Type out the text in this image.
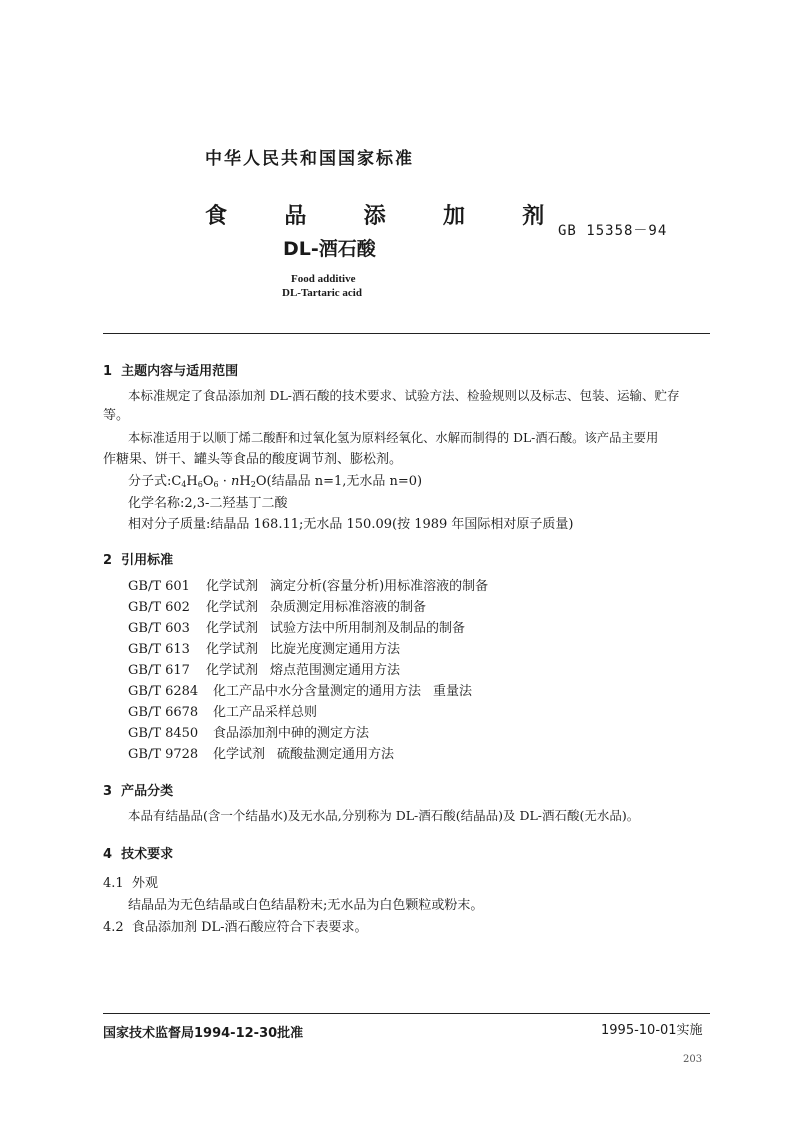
中华人民共和国国家标准
食  品  添  加  剂
GB 15358－94
DL-酒石酸
Food additive
DL-Tartaric acid
1  主题内容与适用范围
本标准规定了食品添加剂 DL-酒石酸的技术要求、试验方法、检验规则以及标志、包装、运输、贮存
等。
本标准适用于以顺丁烯二酸酐和过氧化氢为原料经氧化、水解而制得的 DL-酒石酸。该产品主要用
作糖果、饼干、罐头等食品的酸度调节剂、膨松剂。
分子式$:C_4H_6O_6 \cdot nH_2O$(结晶品 n=1,无水品 n=0)
化学名称:2,3-二羟基丁二酸
相对分子质量:结晶品 168.11;无水品 150.09(按 1989 年国际相对原子质量)
2  引用标准
GB/T 601 化学试剂 滴定分析(容量分析)用标准溶液的制备
GB/T 602 化学试剂 杂质测定用标准溶液的制备
GB/T 603 化学试剂 试验方法中所用制剂及制品的制备
GB/T 613 化学试剂 比旋光度测定通用方法
GB/T 617 化学试剂 熔点范围测定通用方法
GB/T 6284 化工产品中水分含量测定的通用方法 重量法
GB/T 6678 化工产品采样总则
GB/T 8450 食品添加剂中砷的测定方法
GB/T 9728 化学试剂 硫酸盐测定通用方法
3  产品分类
本品有结晶品(含一个结晶水)及无水品,分别称为 DL-酒石酸(结晶品)及 DL-酒石酸(无水品)。
4  技术要求
4.1  外观
结晶品为无色结晶或白色结晶粉末;无水品为白色颗粒或粉末。
4.2  食品添加剂 DL-酒石酸应符合下表要求。
国家技术监督局1994-12-30批准	1995-10-01实施
203
